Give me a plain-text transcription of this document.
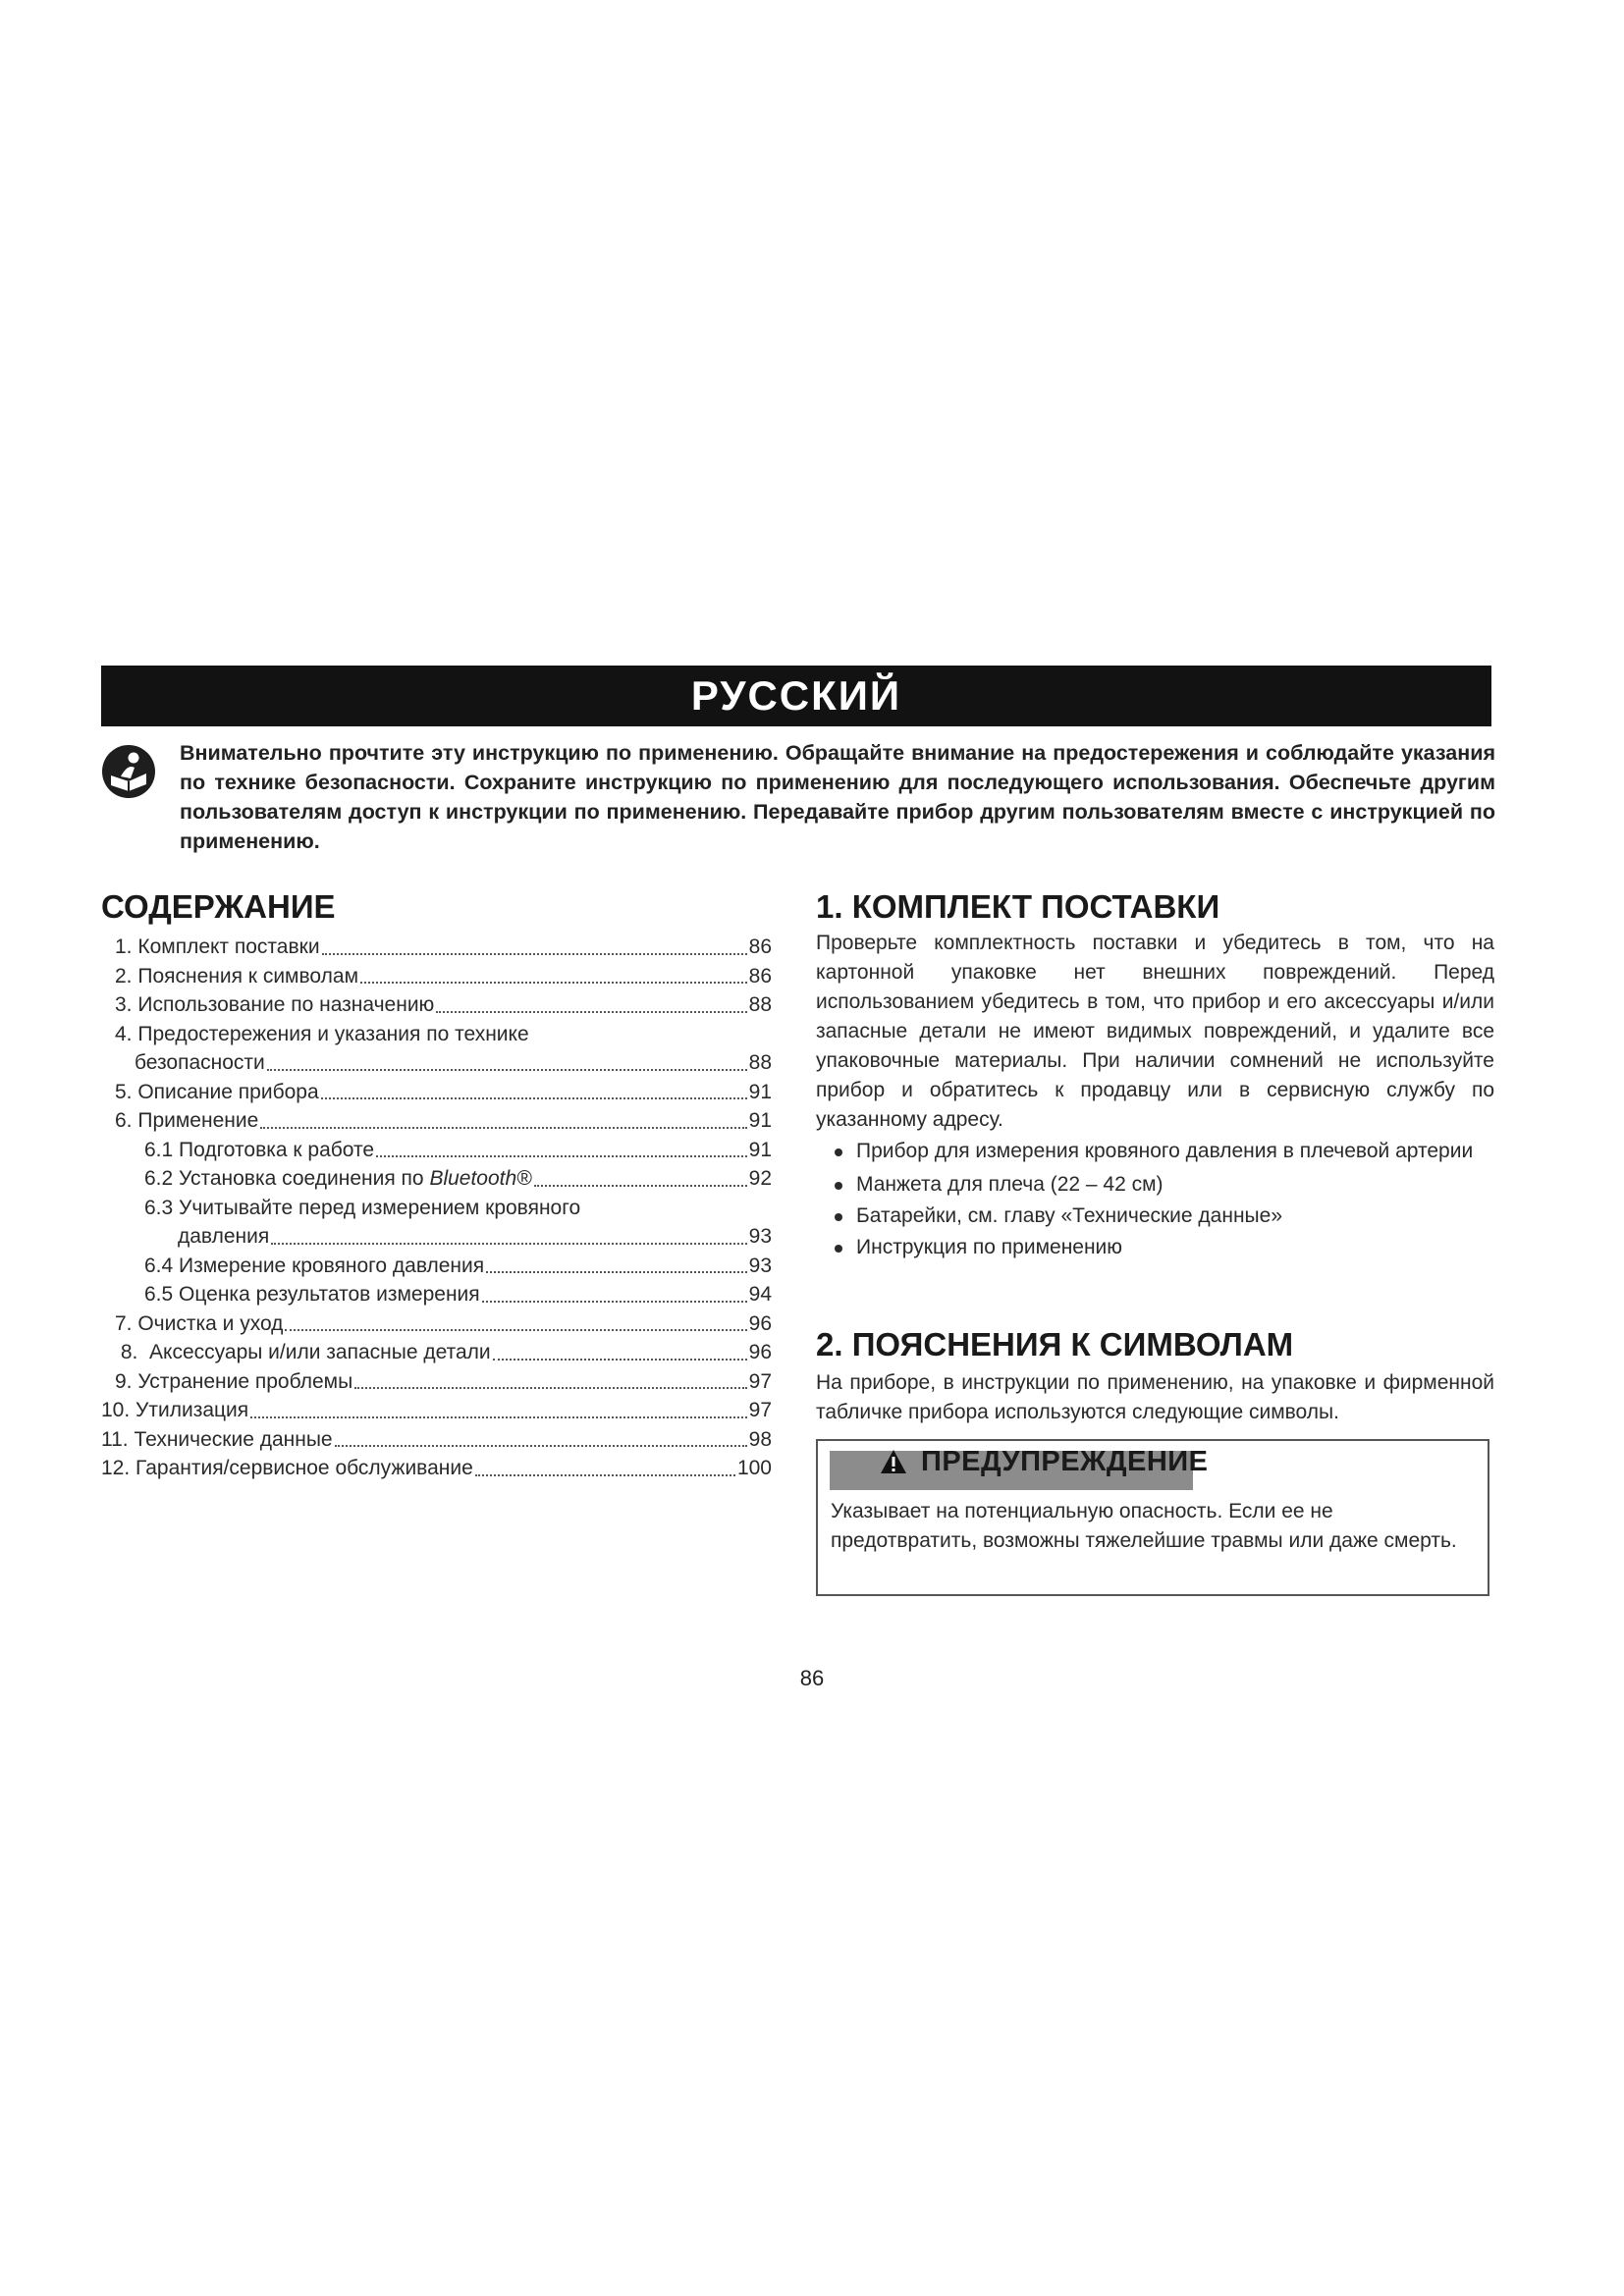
РУССКИЙ

Внимательно прочтите эту инструкцию по применению. Обращайте внимание на предостережения и соблюдайте указания по технике безопасности. Сохраните инструкцию по применению для последующего использования. Обеспечьте другим пользователям доступ к инструкции по применению. Передавайте прибор другим пользователям вместе с инструкцией по применению.

СОДЕРЖАНИЕ
1. Комплект поставки	86
2. Пояснения к символам	86
3. Использование по назначению	88
4. Предостережения и указания по технике
безопасности	88
5. Описание прибора	91
6. Применение	91
6.1 Подготовка к работе	91
6.2 Установка соединения по Bluetooth®	92
6.3 Учитывайте перед измерением кровяного
давления	93
6.4 Измерение кровяного давления	93
6.5 Оценка результатов измерения	94
7. Очистка и уход	96
8.  Аксессуары и/или запасные детали	96
9. Устранение проблемы	97
10. Утилизация	97
11. Технические данные	98
12. Гарантия/сервисное обслуживание	100
1. КОМПЛЕКТ ПОСТАВКИ

Проверьте комплектность поставки и убедитесь в том, что на картонной упаковке нет внешних повреждений. Перед использованием убедитесь в том, что прибор и его аксессуары и/или запасные детали не имеют видимых повреждений, и удалите все упаковочные материалы. При наличии сомнений не используйте прибор и обратитесь к продавцу или в сервисную службу по указанному адресу.

Прибор для измерения кровяного давления в плечевой артерии
Манжета для плеча (22 – 42 см)
Батарейки, см. главу «Технические данные»
Инструкция по применению
2. ПОЯСНЕНИЯ К СИМВОЛАМ

На приборе, в инструкции по применению, на упаковке и фирменной табличке прибора используются следующие символы.

ПРЕДУПРЕЖДЕНИЕ

Указывает на потенциальную опасность. Если ее не предотвратить, возможны тяжелейшие травмы или даже смерть.

86
